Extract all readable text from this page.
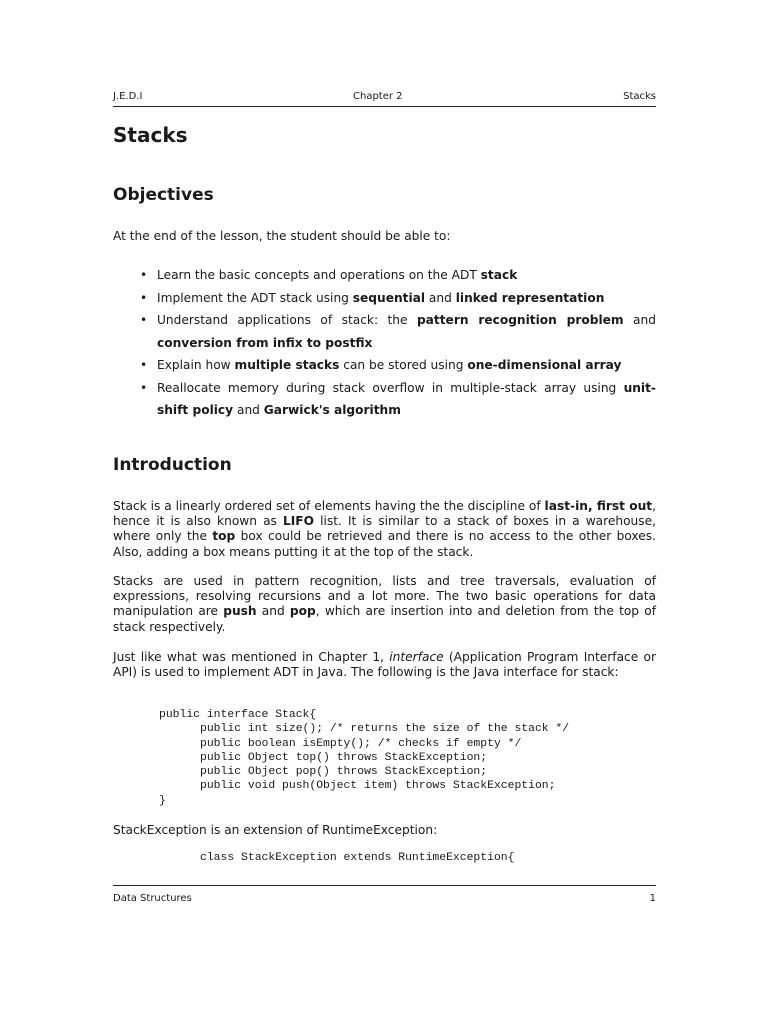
J.E.D.I	Chapter 2	Stacks
Stacks
Objectives

At the end of the lesson, the student should be able to:

• Learn the basic concepts and operations on the ADT stack
• Implement the ADT stack using sequential and linked representation
• Understand applications of stack: the pattern recognition problem and conversion from infix to postfix
• Explain how multiple stacks can be stored using one-dimensional array
• Reallocate memory during stack overflow in multiple-stack array using unit-shift policy and Garwick's algorithm
Introduction

Stack is a linearly ordered set of elements having the the discipline of last-in, first out, hence it is also known as LIFO list. It is similar to a stack of boxes in a warehouse, where only the top box could be retrieved and there is no access to the other boxes. Also, adding a box means putting it at the top of the stack.

Stacks are used in pattern recognition, lists and tree traversals, evaluation of expressions, resolving recursions and a lot more. The two basic operations for data manipulation are push and pop, which are insertion into and deletion from the top of stack respectively.

Just like what was mentioned in Chapter 1, interface (Application Program Interface or API) is used to implement ADT in Java. The following is the Java interface for stack:

public interface Stack{
public int size(); /* returns the size of the stack */
public boolean isEmpty(); /* checks if empty */
public Object top() throws StackException;
public Object pop() throws StackException;
public void push(Object item) throws StackException;
}

StackException is an extension of RuntimeException:

class StackException extends RuntimeException{
Data Structures	1
